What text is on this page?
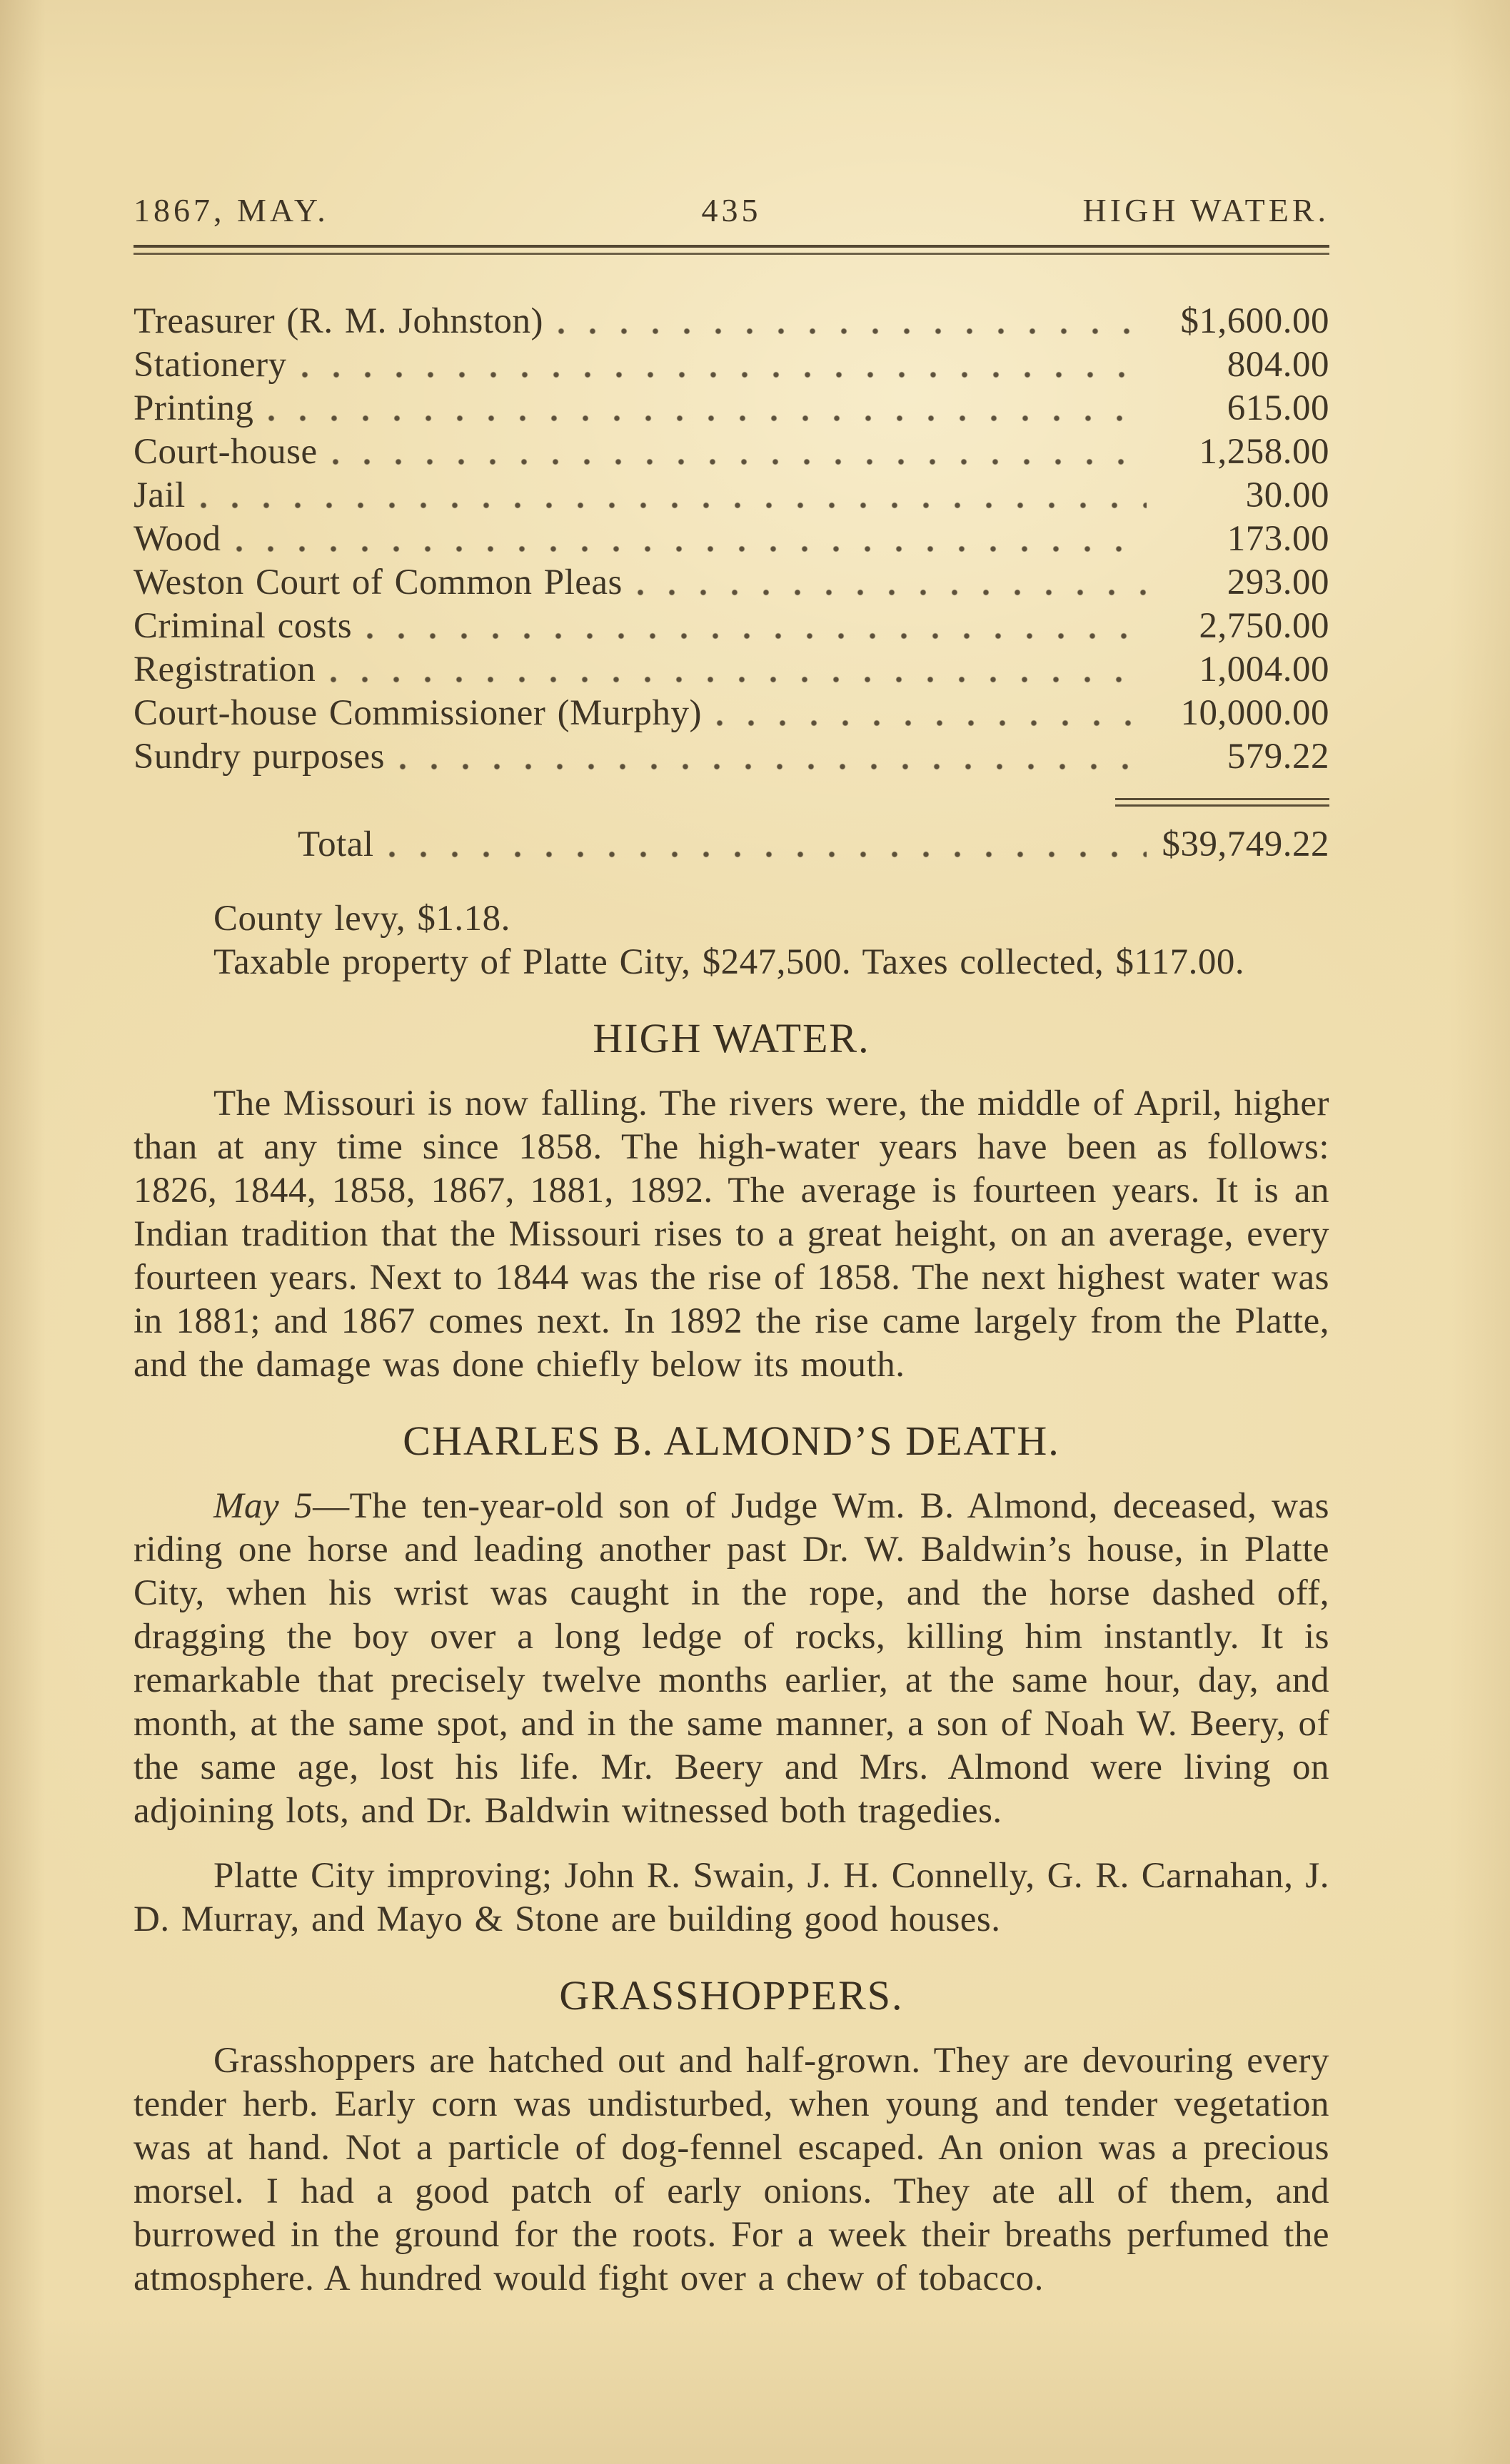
1867, MAY.	435	HIGH WATER.
Treasurer (R. M. Johnston)	$1,600.00
Stationery	804.00
Printing	615.00
Court-house	1,258.00
Jail	30.00
Wood	173.00
Weston Court of Common Pleas	293.00
Criminal costs	2,750.00
Registration	1,004.00
Court-house Commissioner (Murphy)	10,000.00
Sundry purposes	579.22
Total	$39,749.22

County levy, $1.18.

Taxable property of Platte City, $247,500. Taxes collected, $117.00.

HIGH WATER.

The Missouri is now falling. The rivers were, the middle of April, higher than at any time since 1858. The high-water years have been as follows: 1826, 1844, 1858, 1867, 1881, 1892. The average is fourteen years. It is an Indian tradition that the Missouri rises to a great height, on an average, every fourteen years. Next to 1844 was the rise of 1858. The next highest water was in 1881; and 1867 comes next. In 1892 the rise came largely from the Platte, and the damage was done chiefly below its mouth.

CHARLES B. ALMOND’S DEATH.

May 5—The ten-year-old son of Judge Wm. B. Almond, deceased, was riding one horse and leading another past Dr. W. Baldwin’s house, in Platte City, when his wrist was caught in the rope, and the horse dashed off, dragging the boy over a long ledge of rocks, killing him instantly. It is remarkable that precisely twelve months earlier, at the same hour, day, and month, at the same spot, and in the same manner, a son of Noah W. Beery, of the same age, lost his life. Mr. Beery and Mrs. Almond were living on adjoining lots, and Dr. Baldwin witnessed both tragedies.

Platte City improving; John R. Swain, J. H. Connelly, G. R. Carnahan, J. D. Murray, and Mayo & Stone are building good houses.

GRASSHOPPERS.

Grasshoppers are hatched out and half-grown. They are devouring every tender herb. Early corn was undisturbed, when young and tender vegetation was at hand. Not a particle of dog-fennel escaped. An onion was a precious morsel. I had a good patch of early onions. They ate all of them, and burrowed in the ground for the roots. For a week their breaths perfumed the atmosphere. A hundred would fight over a chew of tobacco.
